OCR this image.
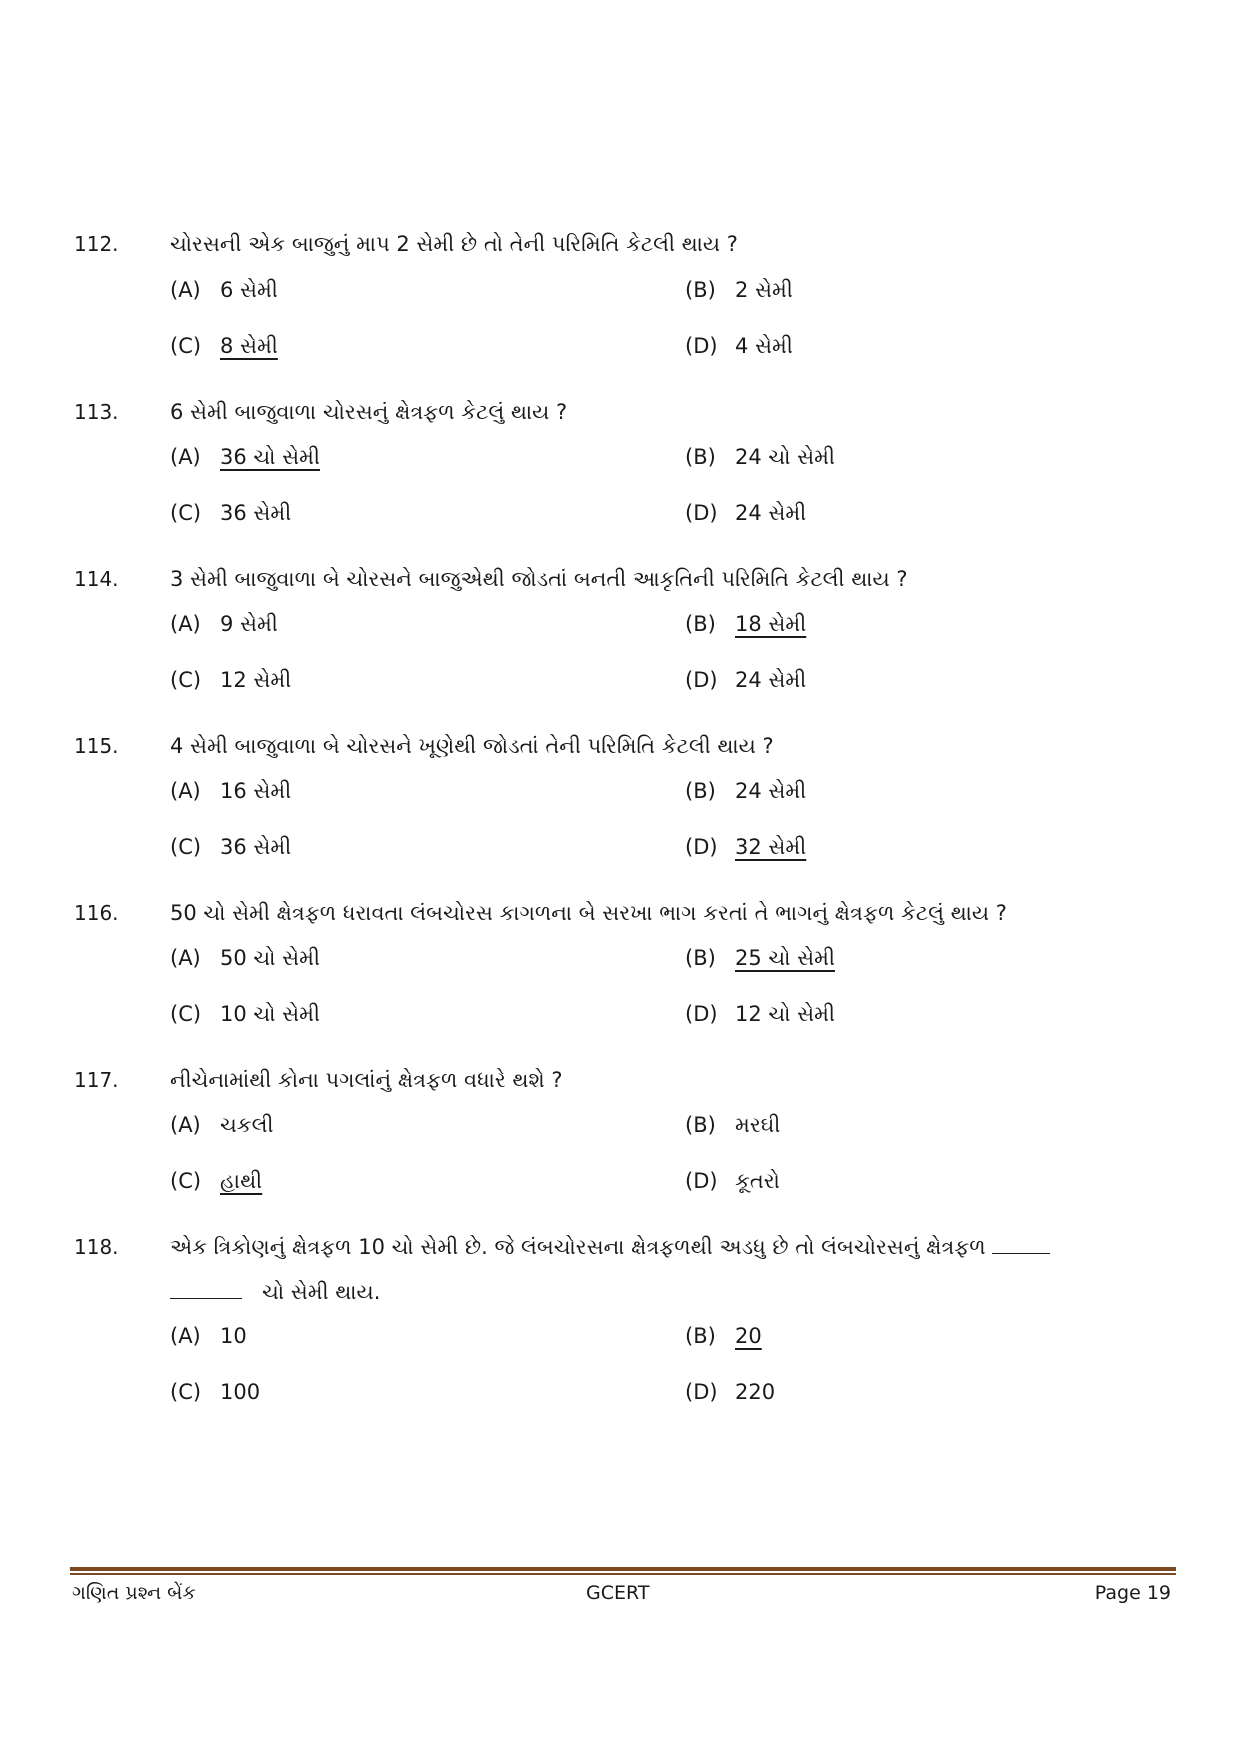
112. ચોરસની એક બાજુનું માપ 2 સેમી છે તો તેની પરિમિતિ કેટલી થાય ?
(A) 6 સેમી	(B) 2 સેમી
(C) 8 સેમી	(D) 4 સેમી
113. 6 સેમી બાજુવાળા ચોરસનું ક્ષેત્રફળ કેટલું થાય ?
(A) 36 ચો સેમી	(B) 24 ચો સેમી
(C) 36 સેમી	(D) 24 સેમી
114. 3 સેમી બાજુવાળા બે ચોરસને બાજુએથી જોડતાં બનતી આકૃતિની પરિમિતિ કેટલી થાય ?
(A) 9 સેમી	(B) 18 સેમી
(C) 12 સેમી	(D) 24 સેમી
115. 4 સેમી બાજુવાળા બે ચોરસને ખૂણેથી જોડતાં તેની પરિમિતિ કેટલી થાય ?
(A) 16 સેમી	(B) 24 સેમી
(C) 36 સેમી	(D) 32 સેમી
116. 50 ચો સેમી ક્ષેત્રફળ ધરાવતા લંબચોરસ કાગળના બે સરખા ભાગ કરતાં તે ભાગનું ક્ષેત્રફળ કેટલું થાય ?
(A) 50 ચો સેમી	(B) 25 ચો સેમી
(C) 10 ચો સેમી	(D) 12 ચો સેમી
117. નીચેનામાંથી કોના પગલાંનું ક્ષેત્રફળ વધારે થશે ?
(A) ચકલી	(B) મરઘી
(C) હાથી	(D) કૂતરો
118. એક ત્રિકોણનું ક્ષેત્રફળ 10 ચો સેમી છે. જે લંબચોરસના ક્ષેત્રફળથી અડધુ છે તો લંબચોરસનું ક્ષેત્રફળ
ચો સેમી થાય.
(A) 10	(B) 20
(C) 100	(D) 220
ગણિત પ્રશ્ન બેંક	GCERT	Page 19
